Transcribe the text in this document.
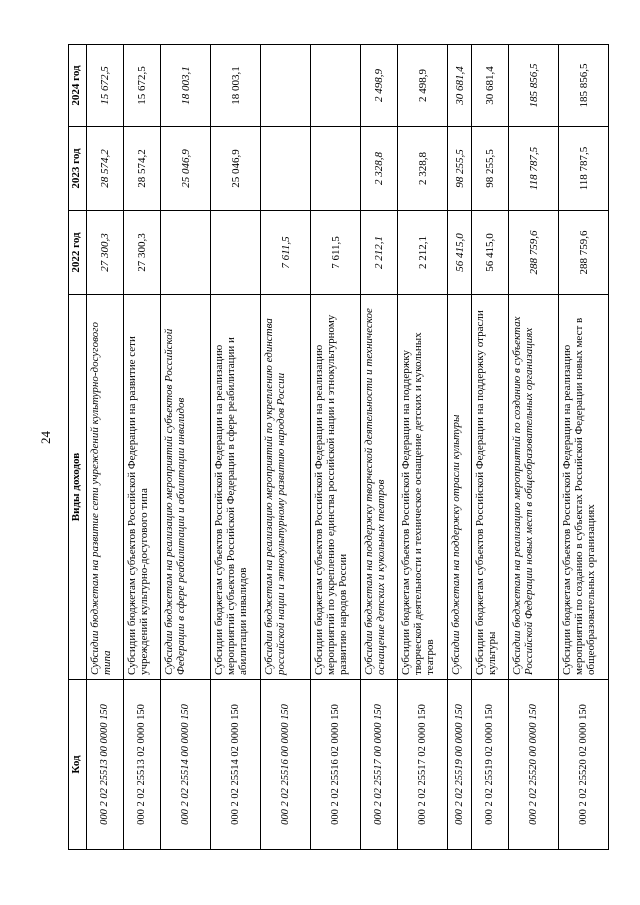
24
Код	Виды доходов	2022 год	2023 год	2024 год
000 2 02 25513 00 0000 150	Субсидии бюджетам на развитие сети учреждений культурно-досугового типа	27 300,3	28 574,2	15 672,5
000 2 02 25513 02 0000 150	Субсидии бюджетам субъектов Российской Федерации на развитие сети учреждений культурно-досугового типа	27 300,3	28 574,2	15 672,5
000 2 02 25514 00 0000 150	Субсидии бюджетам на реализацию мероприятий субъектов Российской Федерации в сфере реабилитации и абилитации инвалидов		25 046,9	18 003,1
000 2 02 25514 02 0000 150	Субсидии бюджетам субъектов Российской Федерации на реализацию мероприятий субъектов Российской Федерации в сфере реабилитации и абилитации инвалидов		25 046,9	18 003,1
000 2 02 25516 00 0000 150	Субсидии бюджетам на реализацию мероприятий по укреплению единства российской нации и этнокультурному развитию народов России	7 611,5		
000 2 02 25516 02 0000 150	Субсидии бюджетам субъектов Российской Федерации на реализацию мероприятий по укреплению единства российской нации и этнокультурному развитию народов России	7 611,5		
000 2 02 25517 00 0000 150	Субсидии бюджетам на поддержку творческой деятельности и техническое оснащение детских и кукольных театров	2 212,1	2 328,8	2 498,9
000 2 02 25517 02 0000 150	Субсидии бюджетам субъектов Российской Федерации на поддержку творческой деятельности и техническое оснащение детских и кукольных театров	2 212,1	2 328,8	2 498,9
000 2 02 25519 00 0000 150	Субсидии бюджетам на поддержку отрасли культуры	56 415,0	98 255,5	30 681,4
000 2 02 25519 02 0000 150	Субсидии бюджетам субъектов Российской Федерации на поддержку отрасли культуры	56 415,0	98 255,5	30 681,4
000 2 02 25520 00 0000 150	Субсидии бюджетам на реализацию мероприятий по созданию в субъектах Российской Федерации новых мест в общеобразовательных организациях	288 759,6	118 787,5	185 856,5
000 2 02 25520 02 0000 150	Субсидии бюджетам субъектов Российской Федерации на реализацию мероприятий по созданию в субъектах Российской Федерации новых мест в общеобразовательных организациях	288 759,6	118 787,5	185 856,5
